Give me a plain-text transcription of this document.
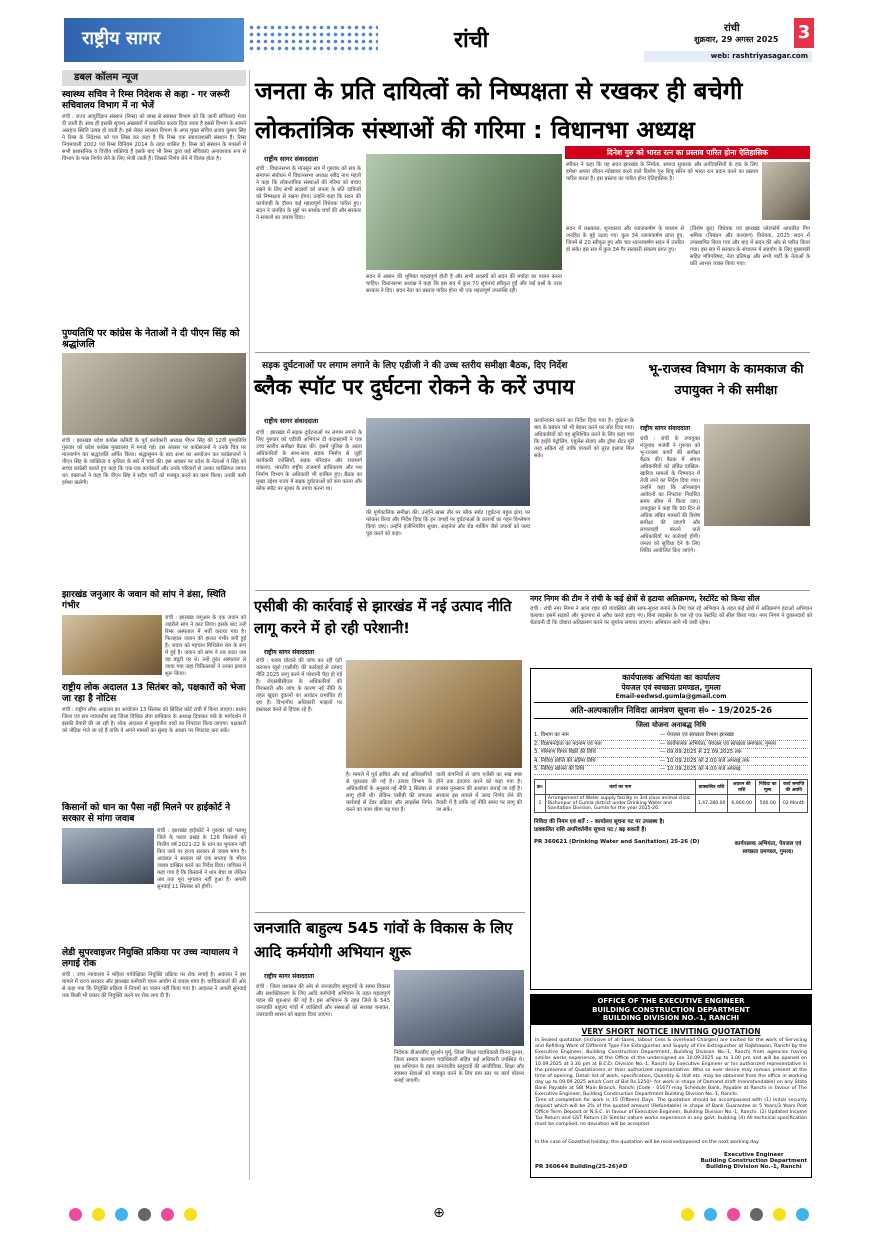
राष्ट्रीय सागर	रांची	रांची
शुक्रवार, 29 अगस्त 2025 3
web: rashtriyasagar.com
डबल कॉलम न्यूज
स्वास्थ्य सचिव ने रिम्स निदेशक से कहा - गर जरूरी सचिवालय विभाग में ना भेजें
रांची : राज्य आयुर्विज्ञान संस्थान (रिम्स) को लाख से स्वास्थ्य विभाग को कि जानी संचिकाएं भेजा दी जाती है। साथ ही इसकी सूचना अखबारों में प्रकाशित करवा दिया जाता है इससे विभाग के सामने असहज स्थिति उत्पन्न हो जाती है। इसे लेकर स्वास्थ्य विभाग के अपर मुख्य सचिव अजय कुमार सिंह ने रिम्स के निदेशक को पत्र लिख कर कहा है कि रिम्स एक स्वायत्तशासी संस्थान है। रिम्स नियमावली 2002 एवं रिम्स विनियम 2014 के तहत शासित है। रिम्स को संस्थान के मामलों में सभी प्रशासनिक व वित्तीय शक्तियां हैं इसके बाद भी रिम्स द्वारा कई संचिकाएं अनावश्यक रूप से विभाग के पास निर्णय लेने के लिए भेजी जाती हैं। जिससे निर्णय लेने में विलंब होता है।
पुण्यतिथि पर कांग्रेस के नेताओं ने दी पीएन सिंह को श्रद्धांजलि
रांची : झारखंड प्रदेश कांग्रेस कमिटी के पूर्व कार्यकारी अध्यक्ष पीएन सिंह की 12वीं पुण्यतिथि गुरुवार को प्रदेश कांग्रेस मुख्यालय में मनाई गई। इस अवसर पर कांग्रेसजनों ने उनके चित्र पर माल्यार्पण कर श्रद्धांजलि अर्पित किया। श्रद्धासुमन के बाद सभा का आयोजन कर कांग्रेसजनों ने पीएन सिंह के व्यक्तित्व व कृतित्व के बारे में चर्चा की। इस अवसर पर प्रदेश के नेताओं ने सिंह को सच्चा कांग्रेसी बताते हुए कहा कि एक-एक कार्यकर्ता और उनके परिवारों से उनका व्यक्तिगत लगाव था। वक्ताओं ने कहा कि पीएन सिंह ने सदैव पार्टी को मजबूत करने का काम किया। उनकी कमी हमेशा खलेगी।
झारखंड जनुआर के जवान को सांप ने डंसा, स्थिति गंभीर
रांची : झारखंड जगुआर के एक जवान को जहरीले सांप ने काट लिया। इसके बाद उन्हें रिम्स अस्पताल में भर्ती कराया गया है। फिलहाल जवान की हालत गंभीर बनी हुई है। जवान को पहचान मिथिलेश राम के रूप में हुई है। जवान को सांप ने तब काटा जब वह ड्यूटी पर थे। उन्हें तुरंत अस्पताल ले जाया गया जहां चिकित्सकों ने उनका इलाज शुरू किया।
राष्ट्रीय लोक अदालत 13 सितंबर को, पक्षकारों को भेजा जा रहा है नोटिस
रांची : राष्ट्रीय लोक अदालत का आयोजन 13 सितंबर को सिविल कोर्ट रांची में किया जाएगा। प्रधान जिला एवं सत्र न्यायाधीश सह जिला विधिक सेवा प्राधिकार के अध्यक्ष दिवाकर पांडे के मार्गदर्शन में इसकी तैयारी की जा रही है। लोक अदालत में सुलहनीय वादों का निपटारा किया जाएगा। पक्षकारों को नोटिस भेजे जा रहे हैं ताकि वे अपने मामलों का सुलह के आधार पर निपटारा करा सकें।
किसानों को धान का पैसा नहीं मिलने पर हाईकोर्ट ने सरकार से मांगा जवाब
रांची : झारखंड हाईकोर्ट ने गुरुवार को पलामू जिले के पडवा प्रखंड के 126 किसानों को वित्तीय वर्ष 2021-22 के धान का भुगतान नहीं किए जाने पर राज्य सरकार से जवाब मांगा है। अदालत ने सरकार को एक सप्ताह के भीतर जवाब दाखिल करने का निर्देश दिया। याचिका में कहा गया है कि किसानों ने धान बेचा था लेकिन अब तक पूरा भुगतान नहीं हुआ है। अगली सुनवाई 11 सितंबर को होगी।
लेडी सुपरवाइजर नियुक्ति प्रकिया पर उच्च न्यायालय ने लगाई रोक
रांची : उच्च न्यायालय ने महिला पर्यवेक्षिका नियुक्ति प्रक्रिया पर रोक लगाई है। अदालत ने इस मामले में राज्य सरकार और झारखंड कर्मचारी चयन आयोग से जवाब मांगा है। याचिकाकर्ता की ओर से कहा गया कि नियुक्ति प्रक्रिया में नियमों का पालन नहीं किया गया है। अदालत ने अगली सुनवाई तक किसी भी प्रकार की नियुक्ति करने पर रोक लगा दी है।
जनता के प्रति दायित्वों को निष्पक्षता से रखकर ही बचेगी लोकतांत्रिक संस्थाओं की गरिमा : विधानभा अध्यक्ष
राष्ट्रीय सागर संवाददाता
रांची : विधानसभा के मानसून सत्र में गुरुवार को सत्र के समापन संबोधन में विधानसभा अध्यक्ष रबींद्र नाथ महतो ने कहा कि लोकतांत्रिक संस्थाओं की गरिमा को बचाए रखने के लिए सभी सदस्यों को जनता के प्रति दायित्वों को निष्पक्षता से रखना होगा। उन्होंने कहा कि सदन की कार्यवाही के दौरान कई महत्वपूर्ण विधेयक पारित हुए। सदन ने जनहित के मुद्दों पर सार्थक चर्चा की और सरकार ने सवालों का जवाब दिया।
सदन में आसन की भूमिका महत्वपूर्ण होती है और सभी सदस्यों को सदन की मर्यादा का पालन करना चाहिए। विधानसभा अध्यक्ष ने कहा कि इस सत्र में कुल 70 सूचनाएं स्वीकृत हुईं और कई प्रश्नों के उत्तर सरकार ने दिए। सदन नेता का प्रस्ताव पारित होना भी एक महत्वपूर्ण उपलब्धि रही।
दिनेश गुरु को भारत रत्न का प्रस्ताव पारित होना ऐतिहासिक
स्पीकर ने कहा कि यह सदन झारखंड के निर्माता, समाज सुधारक और आदिवासियों के हक के लिए हमेशा अपना जीवन न्योछावर करने वाले दिशोम गुरु शिबू सोरेन को भारत रत्न प्रदान करने का प्रस्ताव पारित करता है। इस प्रस्ताव का पारित होना ऐतिहासिक है।
सदन में प्रश्नकाल, शून्यकाल और ध्यानाकर्षण के माध्यम से जनहित के मुद्दे उठाए गए। कुल 34 ध्यानाकर्षण प्राप्त हुए, जिनमें से 20 स्वीकृत हुए और चार ध्यानाकर्षण सदन में उत्तरित हो सके। इस सत्र में कुल 34 गैर सरकारी संकल्प प्राप्त हुए।
(विशेष छूट) विधेयक एवं झारखंड प्लेटफॉर्म आधारित गिग श्रमिक (निबंधन और कल्याण) विधेयक, 2025 सदन में उपस्थापित किया गया और बाद में सदन की ओर से पारित किया गया। इस सत्र में सरकार के संचालन में सहयोग के लिए मुख्यमंत्री सहित मंत्रिपरिषद, नेता प्रतिपक्ष और सभी पार्टी के नेताओं के प्रति आभार व्यक्त किया गया।
सड़क दुर्घटनाओं पर लगाम लगाने के लिए एडीजी ने की उच्च स्तरीय समीक्षा बैठक, दिए निर्देश
ब्लैक स्पॉट पर दुर्घटना रोकने के करें उपाय
राष्ट्रीय सागर संवाददाता
रांची : झारखंड में सड़क दुर्घटनाओं पर लगाम लगाने के लिए गुरुवार को एडीजी अभियान टी कंदास्वामी ने एक उच्च स्तरीय समीक्षा बैठक की। इसमें पुलिस के आला अधिकारियों के साथ-साथ सड़क निर्माण से जुड़ी कार्यकारी एजेंसियों, सड़क परिवहन और राजमार्ग मंत्रालय, भारतीय राष्ट्रीय राजमार्ग प्राधिकरण और पथ निर्माण विभाग के अधिकारी भी शामिल हुए। बैठक का मुख्य उद्देश्य राज्य में सड़क दुर्घटनाओं को कम करना और ब्लैक स्पॉट पर सुधार के उपाय करना था।
की पूर्णकालिक समीक्षा की। उन्होंने खास तौर पर ब्लैक स्पॉट (दुर्घटना बहुल क्षेत्र) पर फोकस किया और निर्देश दिया कि इन जगहों पर दुर्घटनाओं के कारणों का गहन विश्लेषण किया जाए। उन्होंने इंजीनियरिंग सुधार, साइनेज और रोड मार्किंग जैसे उपायों को जल्द पूरा करने को कहा।
कार्यान्वयन करने का निर्देश दिया गया है। दुर्घटना के बाद के प्रबंधन को भी बेहतर करने पर जोर दिया गया। अधिकारियों को यह सुनिश्चित करने के लिए कहा गया कि हाईवे पेट्रोलिंग, एंबुलेंस सेवाएं और ट्रॉमा सेंटर पूरी तरह सक्रिय रहें ताकि घायलों को तुरंत इलाज मिल सके।
भू-राजस्व विभाग के कामकाज की उपायुक्त ने की समीक्षा
राष्ट्रीय सागर संवाददाता
रांची : रांची के उपायुक्त मंजूनाथ भजंत्री ने गुरुवार को भू-राजस्व कार्यों की समीक्षा बैठक की। बैठक में अंचल अधिकारियों को लंबित दाखिल-खारिज मामलों के निष्पादन में तेजी लाने का निर्देश दिया गया। उन्होंने कहा कि ऑनलाइन आवेदनों का निपटारा निर्धारित समय सीमा में किया जाए। उपायुक्त ने कहा कि 90 दिन से अधिक लंबित मामलों की विशेष समीक्षा की जाएगी और लापरवाही बरतने वाले अधिकारियों पर कार्रवाई होगी। जनता को सुविधा देने के लिए शिविर आयोजित किए जाएंगे।
नगर निगम की टीम ने रांची के कई क्षेत्रों से हटाया अतिक्रमण, रेस्टोरेंट को किया सील
रांची : रांची नगर निगम ने आज शहर को व्यवस्थित और साफ-सुथरा बनाने के लिए चल रहे अभियान के तहत कई क्षेत्रों में अतिक्रमण हटाओ अभियान चलाया। इसमें सड़कों और फुटपाथ से अवैध कब्जे हटाए गए। बिना लाइसेंस के चल रहे एक रेस्टोरेंट को सील किया गया। नगर निगम ने दुकानदारों को चेतावनी दी कि दोबारा अतिक्रमण करने पर जुर्माना लगाया जाएगा। अभियान आगे भी जारी रहेगा।
एसीबी की कार्रवाई से झारखंड में नई उत्पाद नीति लागू करने में हो रही परेशानी!
राष्ट्रीय सागर संवाददाता
रांची : शराब घोटाले की जांच कर रही एंटी करप्शन ब्यूरो (एसीबी) की कार्रवाई से उत्पाद नीति 2025 लागू करने में परेशानी पैदा हो गई है। जेएसबीसीएल के अधिकारियों की गिरफ्तारी और जांच के कारण नई नीति के तहत खुदरा दुकानों का आवंटन प्रभावित हो रहा है। विभागीय अधिकारी फाइलों पर हस्ताक्षर करने से हिचक रहे हैं।
है। मामले में पूर्व सचिव और कई अधिकारियों से पूछताछ की गई है। उत्पाद विभाग के अधिकारियों के अनुसार नई नीति 1 सितंबर से लागू होनी थी। लेकिन एसीबी की लगातार कार्रवाई से टेंडर प्रक्रिया और लाइसेंस निर्गत करने का काम धीमा पड़ गया है।
वाली कंपनियों से जांच एजेंसी का रुख स्पष्ट होने तक इंतजार करने को कहा गया है। राजस्व नुकसान की आशंका जताई जा रही है। सरकार इस मामले में जल्द निर्णय लेने की तैयारी में है ताकि नई नीति समय पर लागू की जा सके।
जनजाति बाहुल्य 545 गांवों के विकास के लिए आदि कर्मयोगी अभियान शुरू
राष्ट्रीय सागर संवाददाता
रांची : जिला प्रशासन की ओर से जनजातीय समुदायों के समग्र विकास और सशक्तिकरण के लिए आदि कर्मयोगी अभियान के तहत महत्वपूर्ण पहल की शुरुआत की गई है। इस अभियान के तहत जिले के 545 जनजाति बाहुल्य गांवों में व्यक्तियों और संस्थाओं को सशक्त बनाकर, उत्तरदायी शासन को बढ़ावा दिया जाएगा।
निदेशक डीआरडीए सुदर्शन मुर्मू, जिला शिक्षा पदाधिकारी विनय कुमार, जिला समाज कल्याण पदाधिकारी सहित कई अधिकारी उपस्थित थे। इस अभियान के तहत जनजातीय समुदायों की आजीविका, शिक्षा और स्वास्थ्य सेवाओं को मजबूत करने के लिए ग्राम स्तर पर कार्य योजना बनाई जाएगी।
कार्यपालक अभियंता का कार्यालय
पेयजल एवं स्वच्छता प्रमण्डल, गुमला
Email-eedwsd.gumla@gmail.com
अति-अल्पकालीन निविदा आमंत्रण सूचना सं० - 19/2025-26
जिला योजना अनाबद्ध निधि
1. विभाग का नाम	— पेयजल एवं स्वच्छता विभाग झारखंड
2. विज्ञापनदाता का पदनाम एवं पता	— कार्यपालक अभियंता, पेयजल एवं स्वच्छता प्रमण्डल, गुमला
3. परिमाण विपत्र बिक्री की तिथि	— 09.09.2025 से 22.09.2025 तक
4. निविदा प्राप्ति की अंतिम तिथि	— 10.09.2025 को 2.00 बजे अपराह्न तक
5. निविदा खोलने की तिथि	— 10.09.2025 को 4.00 बजे अपराह्न
क्र०	कार्य का नाम	प्राक्कलित राशि	अग्रधन की राशि	निविदा का मूल्य	कार्य समाप्ति की अवधि
1	Arrangement of Water supply facility in 3rd class animal clinic Bishunpur of Gumla district under Drinking Water and Sanitation Division, Gumla for the year 2025-26.	1,47,280.00	6,900.00	500.00	02 Month
निविदा की नियम एवं शर्तें : - कार्यालय सूचना पट पर उपलब्ध है।
प्राक्कलित राशि अपरिवर्तनीय सूचना पट / बढ़ सकती है।
PR 360621 (Drinking Water and Sanitation) 25-26 (D)	कार्यपालक अभियंता, पेयजल एवं स्वच्छता प्रमण्डल, गुमला।
OFFICE OF THE EXECUTIVE ENGINEER
BUILDING CONSTRUCTION DEPARTMENT
BUILDING DIVISION NO.-1, RANCHI
VERY SHORT NOTICE INVITING QUOTATION
In Sealed quotation (inclusive of all taxes, labour Cess & overhead Charges) are invited for the work of Servicing and Refilling Work of Different Type Fire Extinguisher and Supply of Fire Extinguisher at Rajbhawan, Ranchi by the Executive Engineer, Building Construction Department, Building Division No.-1, Ranchi from agencies having similar works experience, at the Office of the undersigned on 10.09.2025 up to 3.00 pm and will be opened on 10.09.2025 at 3.30 pm at B.C.D. Division No.-1, Ranchi by Executive Engineer or his authorized representative in the presence of Quotationers or their authorized representative. Who so ever desire may remain present at the time of opening. Detail list of work, specification, Quantity & Unit etc. may be obtained from the office in working day up to 09.09.2025 which Cost of Bid Rs.1250/- for work in shape of Demand draft (nonrefundable) on any State Bank Payable at SBI Main Branch, Ranchi (Code - 0167) may Schedule Bank, Payable at Ranchi in favour of The Executive Engineer, Building Construction Department Building Division No.-1, Ranchi.
Time of completion for work is 15 (Fifteen) Days. The quotation should be accompanied with (1) Initial security deposit which will be 2% of the quoted amount (Refundable) in shape of Bank Guarantee or 5 Years/3 Years Post Office Term Deposit or N.S.C. in favour of Executive Engineer, Building Division No.-1, Ranchi. (2) Updated Income Tax Return and GST Return (3) Similar nature works experience in any govt. building (4) All technical specification must be complied, no deviation will be accepted.
In the case of Gazetted holiday, the quotation will be received/opened on the next working day.
PR 360644 Building(25-26)#D
Executive Engineer
Building Construction Department
Building Division No.-1, Ranchi
⊕
